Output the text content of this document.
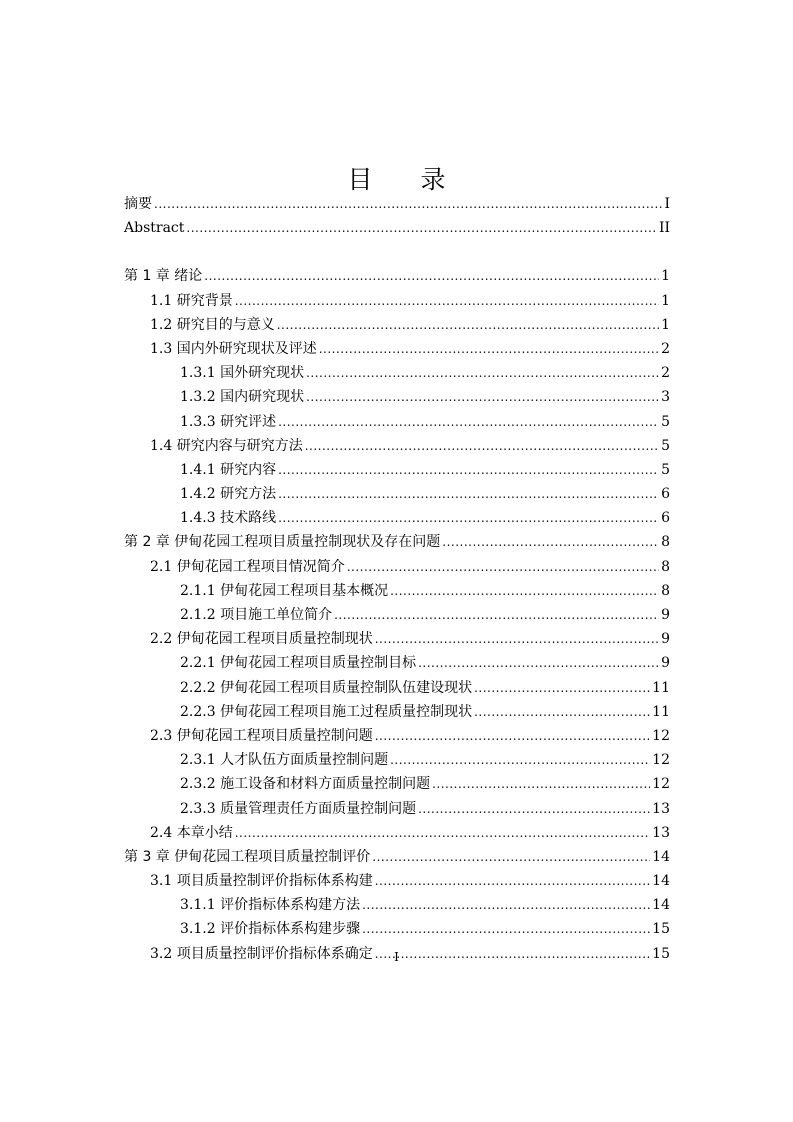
目 录
摘要 .....	I
Abstract .....	II
第 1 章 绪论 .....	1
1.1 研究背景 .....	1
1.2 研究目的与意义 .....	1
1.3 国内外研究现状及评述 .....	2
1.3.1 国外研究现状 .....	2
1.3.2 国内研究现状 .....	3
1.3.3 研究评述 .....	5
1.4 研究内容与研究方法 .....	5
1.4.1 研究内容 .....	5
1.4.2 研究方法 .....	6
1.4.3 技术路线 .....	6
第 2 章 伊甸花园工程项目质量控制现状及存在问题 .....	8
2.1 伊甸花园工程项目情况简介 .....	8
2.1.1 伊甸花园工程项目基本概况 .....	8
2.1.2 项目施工单位简介 .....	9
2.2 伊甸花园工程项目质量控制现状 .....	9
2.2.1 伊甸花园工程项目质量控制目标 .....	9
2.2.2 伊甸花园工程项目质量控制队伍建设现状 .....	11
2.2.3 伊甸花园工程项目施工过程质量控制现状 .....	11
2.3 伊甸花园工程项目质量控制问题 .....	12
2.3.1 人才队伍方面质量控制问题 .....	12
2.3.2 施工设备和材料方面质量控制问题 .....	12
2.3.3 质量管理责任方面质量控制问题 .....	13
2.4 本章小结 .....	13
第 3 章 伊甸花园工程项目质量控制评价 .....	14
3.1 项目质量控制评价指标体系构建 .....	14
3.1.1 评价指标体系构建方法 .....	14
3.1.2 评价指标体系构建步骤 .....	15
3.2 项目质量控制评价指标体系确定 .....	15
I
